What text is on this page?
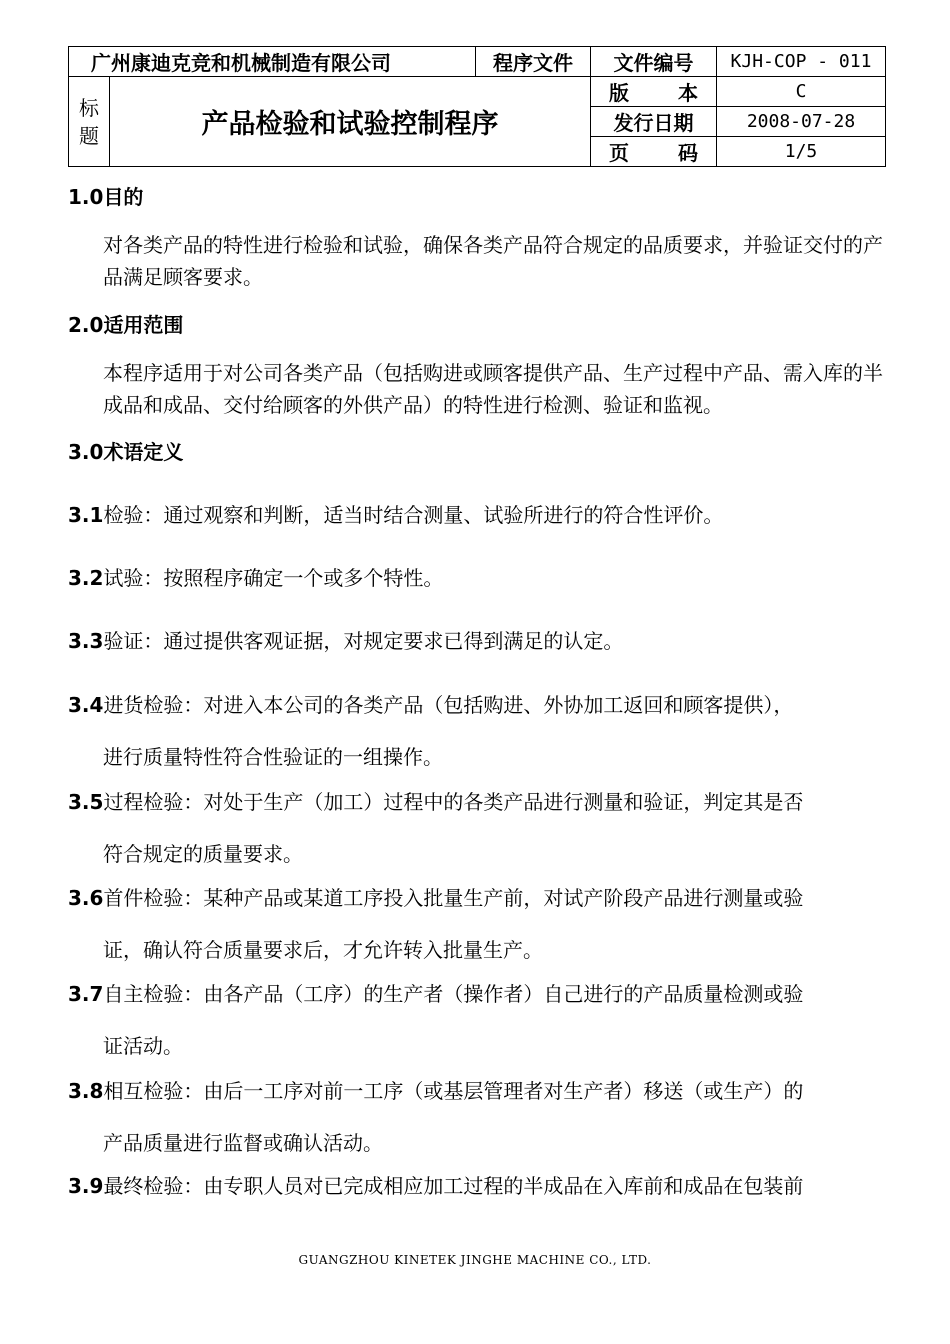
广州康迪克竞和机械制造有限公司		程序文件	文件编号	KJH-COP - 011

标
题	产品检验和试验控制程序		版 本	C
			发行日期	2008-07-28
			页 码	1/5
1.0目的
对各类产品的特性进行检验和试验，确保各类产品符合规定的品质要求，并验证交付的产品满足顾客要求。
2.0适用范围
本程序适用于对公司各类产品（包括购进或顾客提供产品、生产过程中产品、需入库的半成品和成品、交付给顾客的外供产品）的特性进行检测、验证和监视。
3.0术语定义
3.1检验：通过观察和判断，适当时结合测量、试验所进行的符合性评价。
3.2试验：按照程序确定一个或多个特性。
3.3验证：通过提供客观证据，对规定要求已得到满足的认定。
3.4进货检验：对进入本公司的各类产品（包括购进、外协加工返回和顾客提供），
进行质量特性符合性验证的一组操作。
3.5过程检验：对处于生产（加工）过程中的各类产品进行测量和验证，判定其是否
符合规定的质量要求。
3.6首件检验：某种产品或某道工序投入批量生产前，对试产阶段产品进行测量或验
证，确认符合质量要求后，才允许转入批量生产。
3.7自主检验：由各产品（工序）的生产者（操作者）自己进行的产品质量检测或验
证活动。
3.8相互检验：由后一工序对前一工序（或基层管理者对生产者）移送（或生产）的
产品质量进行监督或确认活动。
3.9最终检验：由专职人员对已完成相应加工过程的半成品在入库前和成品在包装前
GUANGZHOU KINETEK JINGHE MACHINE CO., LTD.
